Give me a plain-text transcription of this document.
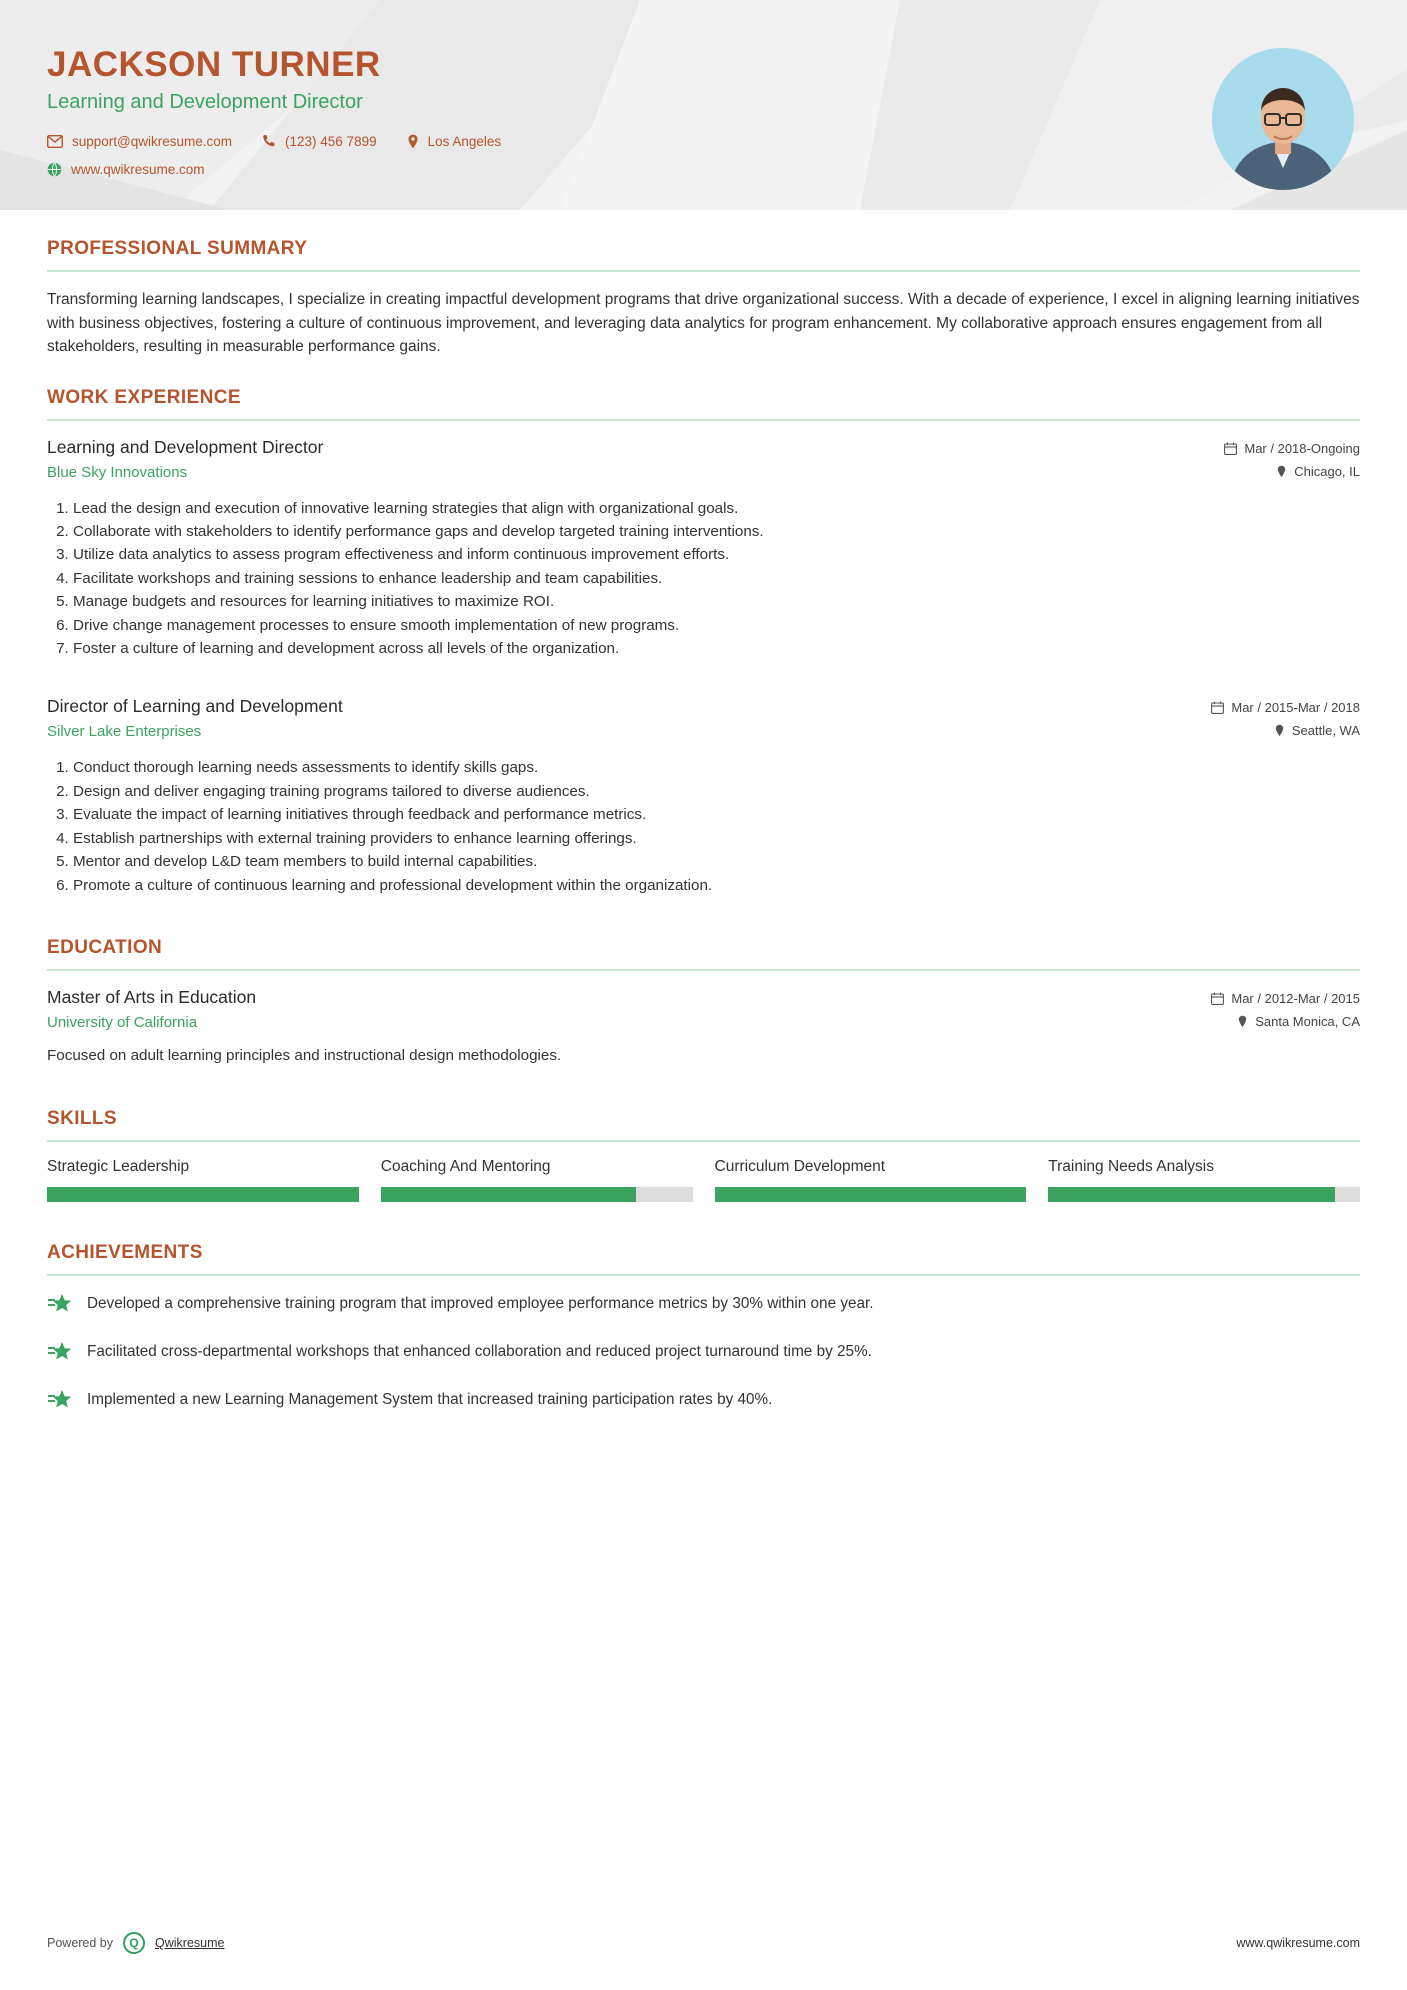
JACKSON TURNER
Learning and Development Director
support@qwikresume.com	(123) 456 7899	Los Angeles
www.qwikresume.com
PROFESSIONAL SUMMARY

Transforming learning landscapes, I specialize in creating impactful development programs that drive organizational success. With a decade of experience, I excel in aligning learning initiatives with business objectives, fostering a culture of continuous improvement, and leveraging data analytics for program enhancement. My collaborative approach ensures engagement from all stakeholders, resulting in measurable performance gains.

WORK EXPERIENCE
Learning and Development Director
Blue Sky Innovations
Mar / 2018-Ongoing
Chicago, IL
1. Lead the design and execution of innovative learning strategies that align with organizational goals.
2. Collaborate with stakeholders to identify performance gaps and develop targeted training interventions.
3. Utilize data analytics to assess program effectiveness and inform continuous improvement efforts.
4. Facilitate workshops and training sessions to enhance leadership and team capabilities.
5. Manage budgets and resources for learning initiatives to maximize ROI.
6. Drive change management processes to ensure smooth implementation of new programs.
7. Foster a culture of learning and development across all levels of the organization.
Director of Learning and Development
Silver Lake Enterprises
Mar / 2015-Mar / 2018
Seattle, WA
1. Conduct thorough learning needs assessments to identify skills gaps.
2. Design and deliver engaging training programs tailored to diverse audiences.
3. Evaluate the impact of learning initiatives through feedback and performance metrics.
4. Establish partnerships with external training providers to enhance learning offerings.
5. Mentor and develop L&D team members to build internal capabilities.
6. Promote a culture of continuous learning and professional development within the organization.
EDUCATION
Master of Arts in Education
University of California
Mar / 2012-Mar / 2015
Santa Monica, CA

Focused on adult learning principles and instructional design methodologies.

SKILLS
Strategic Leadership	Coaching And Mentoring	Curriculum Development	Training Needs Analysis
ACHIEVEMENTS
Developed a comprehensive training program that improved employee performance metrics by 30% within one year.
Facilitated cross-departmental workshops that enhanced collaboration and reduced project turnaround time by 25%.
Implemented a new Learning Management System that increased training participation rates by 40%.
Powered by	Q	Qwikresume	www.qwikresume.com
